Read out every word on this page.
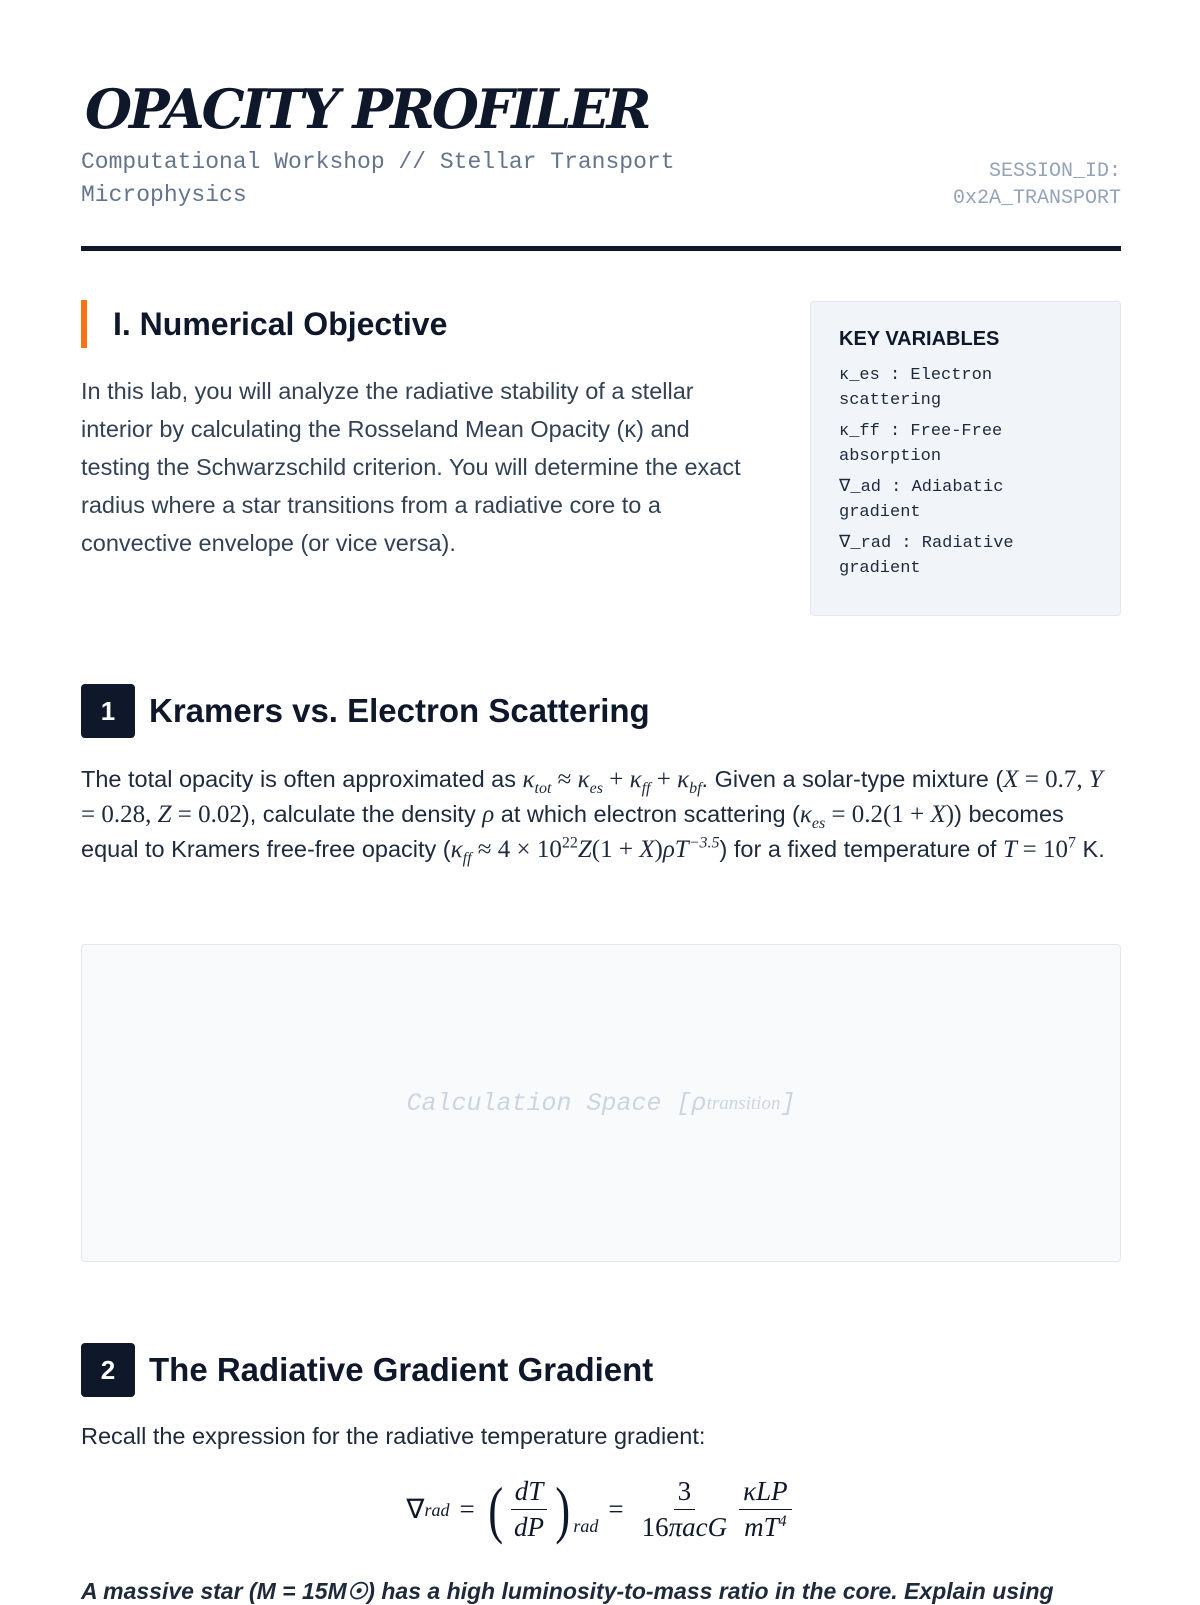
OPACITY PROFILER

Computational Workshop // Stellar Transport Microphysics

SESSION_ID:
0x2A_TRANSPORT
I. Numerical Objective

In this lab, you will analyze the radiative stability of a stellar interior by calculating the Rosseland Mean Opacity (κ) and testing the Schwarzschild criterion. You will determine the exact radius where a star transitions from a radiative core to a convective envelope (or vice versa).

KEY VARIABLES
κ_es : Electron scattering
κ_ff : Free-Free absorption
∇_ad : Adiabatic gradient
∇_rad : Radiative gradient
1	Kramers vs. Electron Scattering

The total opacity is often approximated as $\kappa_{tot} \approx \kappa_{es} + \kappa_{ff} + \kappa_{bf}$. Given a solar-type mixture (X = 0.7, Y = 0.28, Z = 0.02), calculate the density ρ at which electron scattering $(\kappa_{es} = 0.2(1 + X))$ becomes equal to Kramers free-free opacity $(\kappa_{ff} \approx 4 \times 10^{22}Z(1 + X)\rho T^{-3.5})$ for a fixed temperature of $T = 10^7$ K.

Calculation Space [ρ transition ]
2	The Radiative Gradient Gradient

Recall the expression for the radiative temperature gradient:

∇ rad = ( $\frac{dT}{dP} )_{rad}$
= $\frac{3}{\text{16πacG}} \frac{\text{κLP}}{mT^4}$
A massive star (M = 15M☉) has a high luminosity-to-mass ratio in the core. Explain using
